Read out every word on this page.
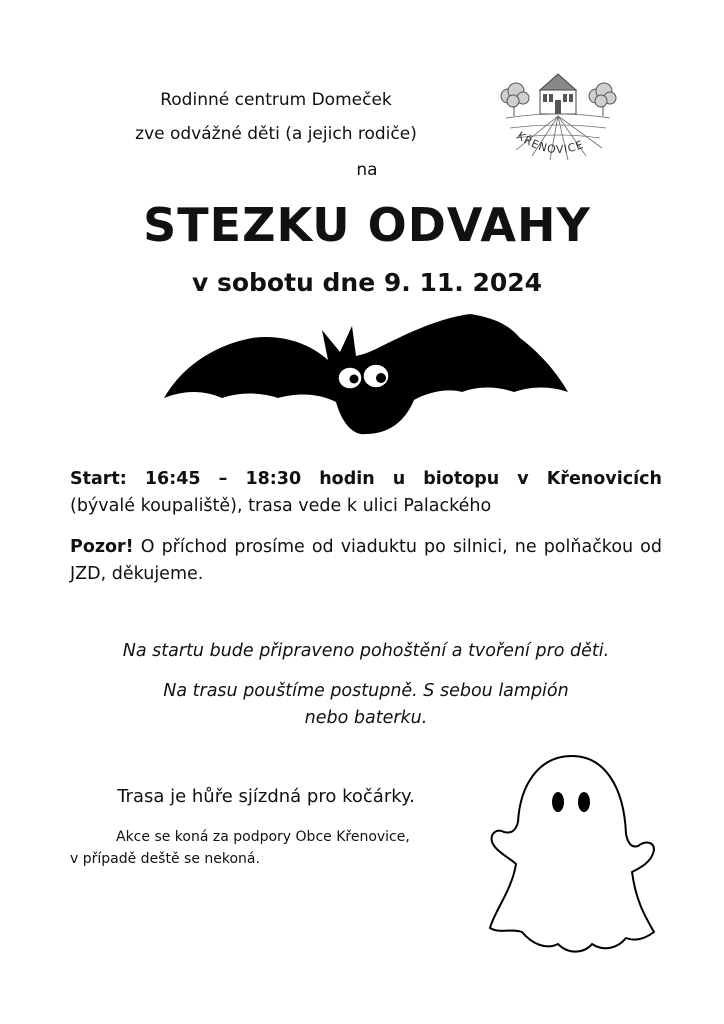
Rodinné centrum Domeček
zve odvážné děti (a jejich rodiče)
na
KŘENOVICE
STEZKU ODVAHY
v sobotu dne 9. 11. 2024
Start: 16:45 – 18:30 hodin u biotopu v Křenovicích
(bývalé koupaliště), trasa vede k ulici Palackého
Pozor! O příchod prosíme od viaduktu po silnici, ne polňačkou od JZD, děkujeme.
Na startu bude připraveno pohoštění a tvoření pro děti.
Na trasu pouštíme postupně. S sebou lampión nebo baterku.
Trasa je hůře sjízdná pro kočárky.
Akce se koná za podpory Obce Křenovice,
v případě deště se nekoná.
